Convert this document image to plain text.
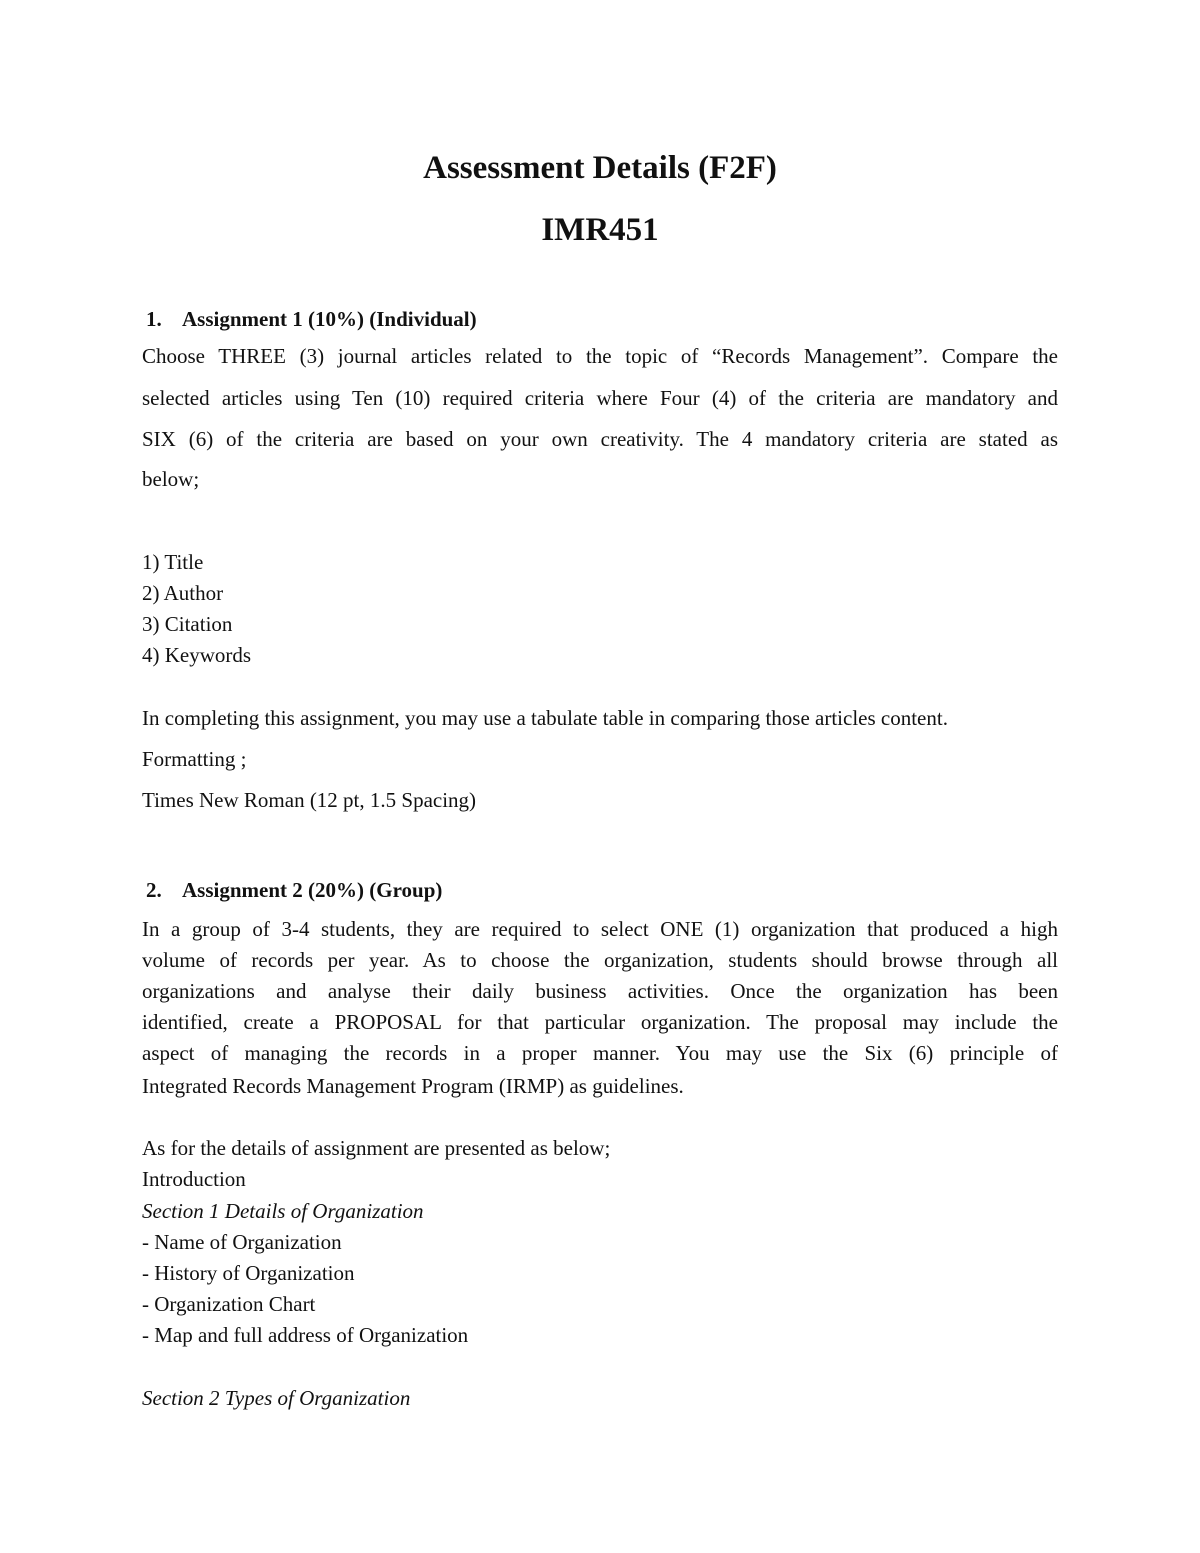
Assessment Details (F2F)
IMR451
1. Assignment 1 (10%) (Individual)
Choose THREE (3) journal articles related to the topic of “Records Management”. Compare the
selected articles using Ten (10) required criteria where Four (4) of the criteria are mandatory and
SIX (6) of the criteria are based on your own creativity. The 4 mandatory criteria are stated as
below;
1) Title
2) Author
3) Citation
4) Keywords
In completing this assignment, you may use a tabulate table in comparing those articles content.
Formatting ;
Times New Roman (12 pt, 1.5 Spacing)
2. Assignment 2 (20%) (Group)
In a group of 3-4 students, they are required to select ONE (1) organization that produced a high
volume of records per year. As to choose the organization, students should browse through all
organizations and analyse their daily business activities. Once the organization has been
identified, create a PROPOSAL for that particular organization. The proposal may include the
aspect of managing the records in a proper manner. You may use the Six (6) principle of
Integrated Records Management Program (IRMP) as guidelines.
As for the details of assignment are presented as below;
Introduction
Section 1 Details of Organization
- Name of Organization
- History of Organization
- Organization Chart
- Map and full address of Organization
Section 2 Types of Organization
